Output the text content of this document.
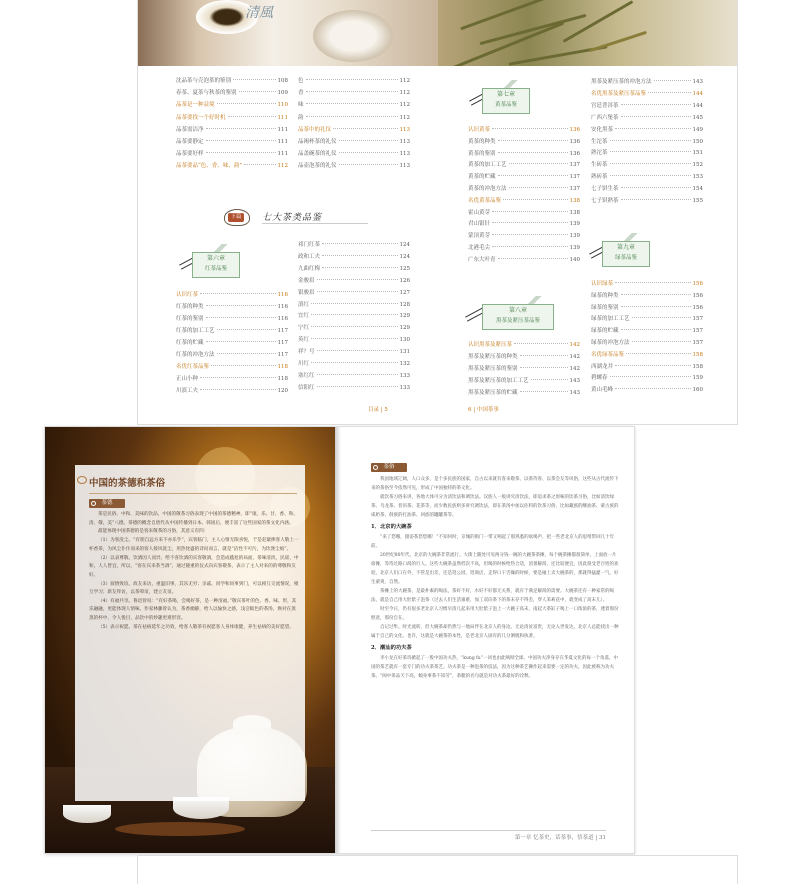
清風
沈品茶与壳泡茶的鉴别	108
春茶、夏茶与秋茶的鉴别	109
品茶是一种益境	110
品茶要找一个好时机	111
品茶需洁净	111
品茶要静定	111
品茶要好样	111
品茶要品“色、香、味、韵”	112
色	112
香	112
味	112
韵	112
品茶中的礼仪	113
品褐杯茶的礼仪	113
品盖碗茶的礼仪	113
品壶泡茶的礼仪	113
下篇 七大茶类品鉴
第六章
红茶品鉴
认识红茶	116
红茶的种类	116
红茶的鉴别	116
红茶的加工工艺	117
红茶的贮藏	117
红茶的冲泡方法	117
名优红茶品鉴	118
正山小种	118
川滇工夫	120
祁门红茶	124
政和工夫	124
九曲红梅	125
金骏眉	126
银骏眉	127
滇红	128
宜红	129
宁红	129
英红	130
祥？号	131
川红	132
塞红红	133
信阳红	133
第七章
黄茶品鉴
认识黄茶	136
黄茶的种类	136
黄茶的鉴别	136
黄茶的加工工艺	137
黄茶的贮藏	137
黄茶的冲泡方法	137
名优黄茶品鉴	138
霍山黄芽	138
君山银针	139
蒙顶黄芽	139
北港毛尖	139
广东大叶青	140
第八章
黑茶及紧压茶品鉴
认识黑茶及紧压茶	142
黑茶及紧压茶的种类	142
黑茶及紧压茶的鉴别	142
黑茶及紧压茶的加工工艺	143
黑茶及紧压茶的贮藏	143
黑茶及紧压茶的冲泡方法	143
名优黑茶及紧压茶品鉴	144
宫廷普洱茶	144
广西六堡茶	145
安化黑茶	149
生沱茶	150
熟沱茶	151
生砖茶	152
熟砖茶	153
七子饼生茶	154
七子饼熟茶	155
第九章
绿茶品鉴
认识绿茶	156
绿茶的种类	156
绿茶的鉴别	156
绿茶的加工工艺	157
绿茶的贮藏	157
绿茶的冲泡方法	157
名优绿茶品鉴	158
西湖龙井	158
碧螺春	159
黄山毛峰	160
目录 | 5	6 | 中国茶事
中国的茶德和茶俗
茶德

茶是民俗、中和、美味的饮品，中国的敬茶习俗表现了中国的茶德精神，即“康、乐、甘、香、和、清、敬、美”八德。茶德的概念自唐代从中国传播到日本、韩国后，便丰富了这些国家的茶文化内涵。

最能体现中国茶德的是客来敬茶的习俗，其意义有四：

（1）为客洗尘。“有朋自远方来不亦乐乎”，宾客临门，主人心情无限喜悦，于是赶紧捧客人敬上一杯香茶，为风尘仆仆而来的客人接风洗尘，用热忱盛的诗问而言，就是“洁性不可污，为饮涤尘烦”。

（2）以表尊敬。饮酒因人而异，给不喜饮酒的宾客敬酒，会造成尴尬的局面，茶味清淡、民谣、中和，人人皆宜，所以，“客在宾来茶当酒”，通过隆重的仪式向宾客敬茶，表示了主人对来的的尊敬和友好。

（3）叙情致谊。故友来访，重温旧事，其乐无穷；亲戚、同学和同事到门，可以相互交流情况，相互学习；新友拜访，以茶叩谊，建立友谊。

（4）有福共享。鲁迅曾说：“有好茶喝，会喝好茶，是一种清福。”敬宾茶叶的色、香、味、形，其乐融融，更能体现人情味。作家林藤曾认为，茶香幽静，给人以愉快之感，浅尝辄色的茶汤，焕对在蒸蒸的杯中，令人悦目，品饮中的妙趣更难形容。

（5）表示祝愿。茶在祛病延年之功效，给客人敬茶有祝愿客人身体康健，养生祛病的美好愿望。

茶俗

我国地域辽阔，人口众多，是个多民族的国家，自古以来就有客来敬茶、以茶待客、以茶会友等风俗，这些从古代流传下来的茶俗至今依然可见，形成了中国独特的茶文化。

就饮茶习俗来讲，各地大体可分为清饮法和调饮法。汉族人一般讲究清饮法，即追求茶之原味的饮茶习俗，比如清饮绿茶、乌龙茶、普洱茶、花茶等，而少数民族则多讲究调饮法，即在茶汤中加以佐料的饮茶习俗，比如藏族的酥油茶、蒙古族的咸奶茶、侗族的打油茶、回族的罐罐茶等。

1．北京的大碗茶

“来了您哪，甜姿茶您您哪！”不知何时，京城的街门一带又响起了那熟悉的吆喝声，把一些老北京人的思绪带回几十年前。

20世纪80年代，北京的大碗茶非常流行。大街上随处可见两分钱一碗的大碗茶茶摊，每个碗茶摊都很简单，上面放一片席摊，等待过路口渴的行人。这些大碗茶虽然档次不高，但喝的时候给热合适，消暑解渴，还比较便宜，因此很受老百姓的欢迎。北京人们口在外，不管是出差，还是逛公园，逛商店，走得口干舌燥的时候，要是碰上卖大碗茶的，那就得猛灌一气，好生蒙爽，自然。

茶摊上的大碗茶，是最朴素的喝法，茶好不好，水好不好都无关系，就有于满足解渴的需要。大碗茶还有一种家常的喝法，就是自己用大肚紫子泡茶（过去人们生活艰难，加工双向茶下的茶末存不得丢，穿人茉莉花中，就变成了高末儿）。

时至今日，仍有很多老北京人习惯早清儿起来用大肚紫子泡上一大碗子高末，南起大茶缸子喝上一口浓浓的茶，透着那份惬意，那份自在。

自记过隼。时光流转，但大碗茶却仍然与一地局伴在北京人的身边。无论清贫富贵，无论入世发达，北京人总能找出一种属于自己的文化。也许，这就是大碗茶的本性，是老北京人固有的几分洒脱和执著。

2．潮汕的功夫茶

李小龙在好莱坞掀起了一股中国功夫热，“kung fu”一词也由此响彻全球。中国功夫净身存在华夏文化的每一个角落，中国的茶艺就有一套专门的功夫茶茶艺。功夫茶是一种泡茶的技法，因为这种茶艺操作起来需要一定的功夫，因此被称为功夫茶。“闽中茶品天下高，倾身事茶不知劳”，茶艇的名句就是对功夫茶最好的诠释。

第一章 忆茶史，话茶事，悟茶道 | 31
